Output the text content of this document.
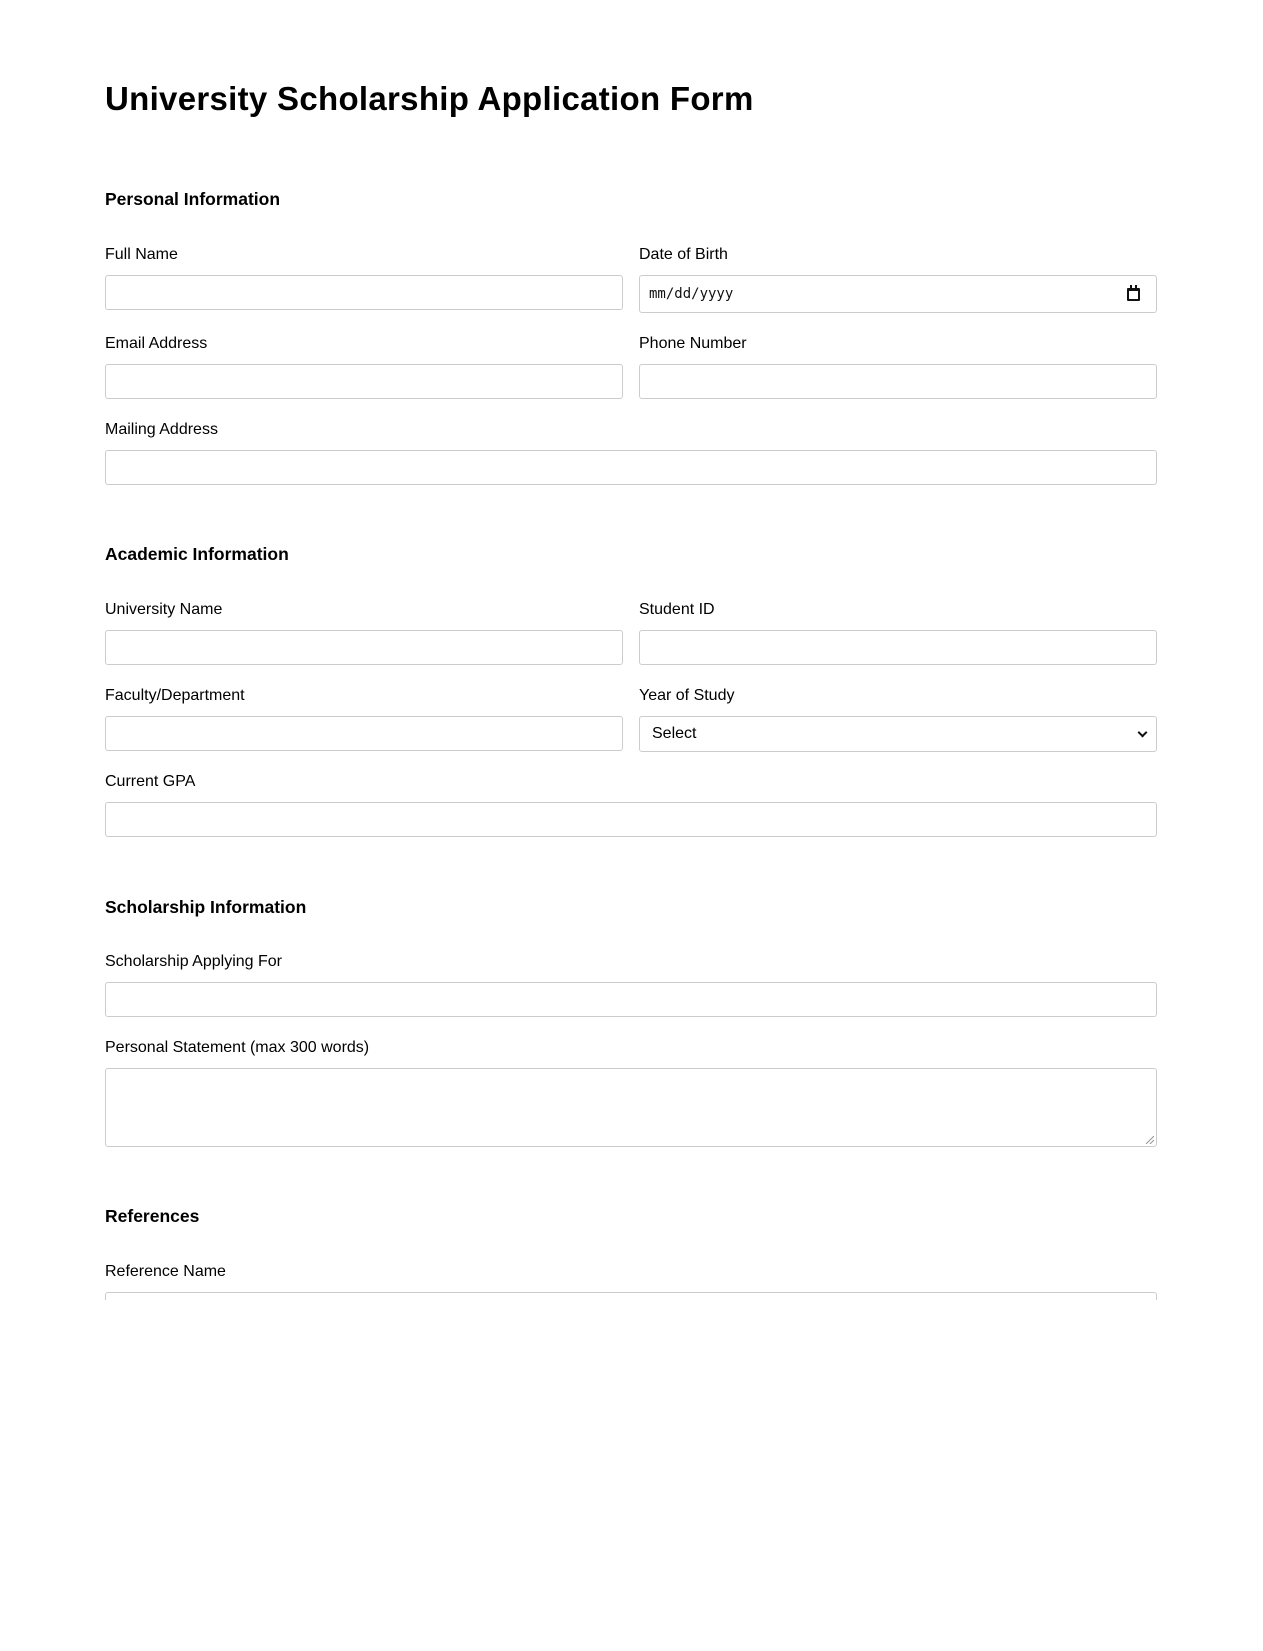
University Scholarship Application Form
Personal Information
Full Name	Date of Birth
mm/dd/yyyy
Email Address	Phone Number
Mailing Address
Academic Information
University Name	Student ID
Faculty/Department	Year of Study
Select
Current GPA
Scholarship Information
Scholarship Applying For
Personal Statement (max 300 words)
References
Reference Name
